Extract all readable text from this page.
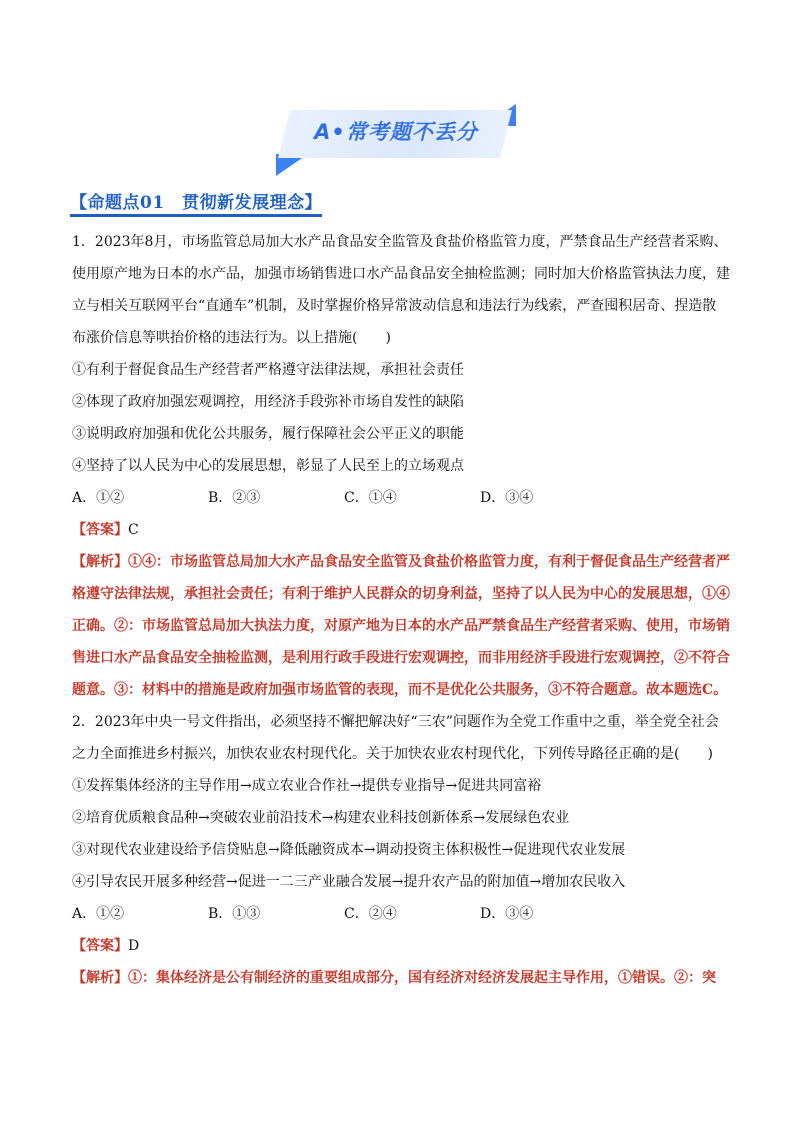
A•常考题不丢分
【命题点01　贯彻新发展理念】

1．2023年8月，市场监管总局加大水产品食品安全监管及食盐价格监管力度，严禁食品生产经营者采购、使用原产地为日本的水产品，加强市场销售进口水产品食品安全抽检监测；同时加大价格监管执法力度，建立与相关互联网平台“直通车”机制，及时掌握价格异常波动信息和违法行为线索，严查囤积居奇、捏造散布涨价信息等哄抬价格的违法行为。以上措施(　　)

①有利于督促食品生产经营者严格遵守法律法规，承担社会责任

②体现了政府加强宏观调控，用经济手段弥补市场自发性的缺陷

③说明政府加强和优化公共服务，履行保障社会公平正义的职能

④坚持了以人民为中心的发展思想，彰显了人民至上的立场观点

A．①②	B．②③	C．①④	D．③④

【答案】C

【解析】①④：市场监管总局加大水产品食品安全监管及食盐价格监管力度，有利于督促食品生产经营者严格遵守法律法规，承担社会责任；有利于维护人民群众的切身利益，坚持了以人民为中心的发展思想，①④正确。②：市场监管总局加大执法力度，对原产地为日本的水产品严禁食品生产经营者采购、使用，市场销售进口水产品食品安全抽检监测，是利用行政手段进行宏观调控，而非用经济手段进行宏观调控，②不符合题意。③：材料中的措施是政府加强市场监管的表现，而不是优化公共服务，③不符合题意。故本题选C。

2．2023年中央一号文件指出，必须坚持不懈把解决好“三农”问题作为全党工作重中之重，举全党全社会之力全面推进乡村振兴，加快农业农村现代化。关于加快农业农村现代化，下列传导路径正确的是(　　)

①发挥集体经济的主导作用→成立农业合作社→提供专业指导→促进共同富裕

②培育优质粮食品种→突破农业前沿技术→构建农业科技创新体系→发展绿色农业

③对现代农业建设给予信贷贴息→降低融资成本→调动投资主体积极性→促进现代农业发展

④引导农民开展多种经营→促进一二三产业融合发展→提升农产品的附加值→增加农民收入

A．①②	B．①③	C．②④	D．③④

【答案】D

【解析】①：集体经济是公有制经济的重要组成部分，国有经济对经济发展起主导作用，①错误。②：突
